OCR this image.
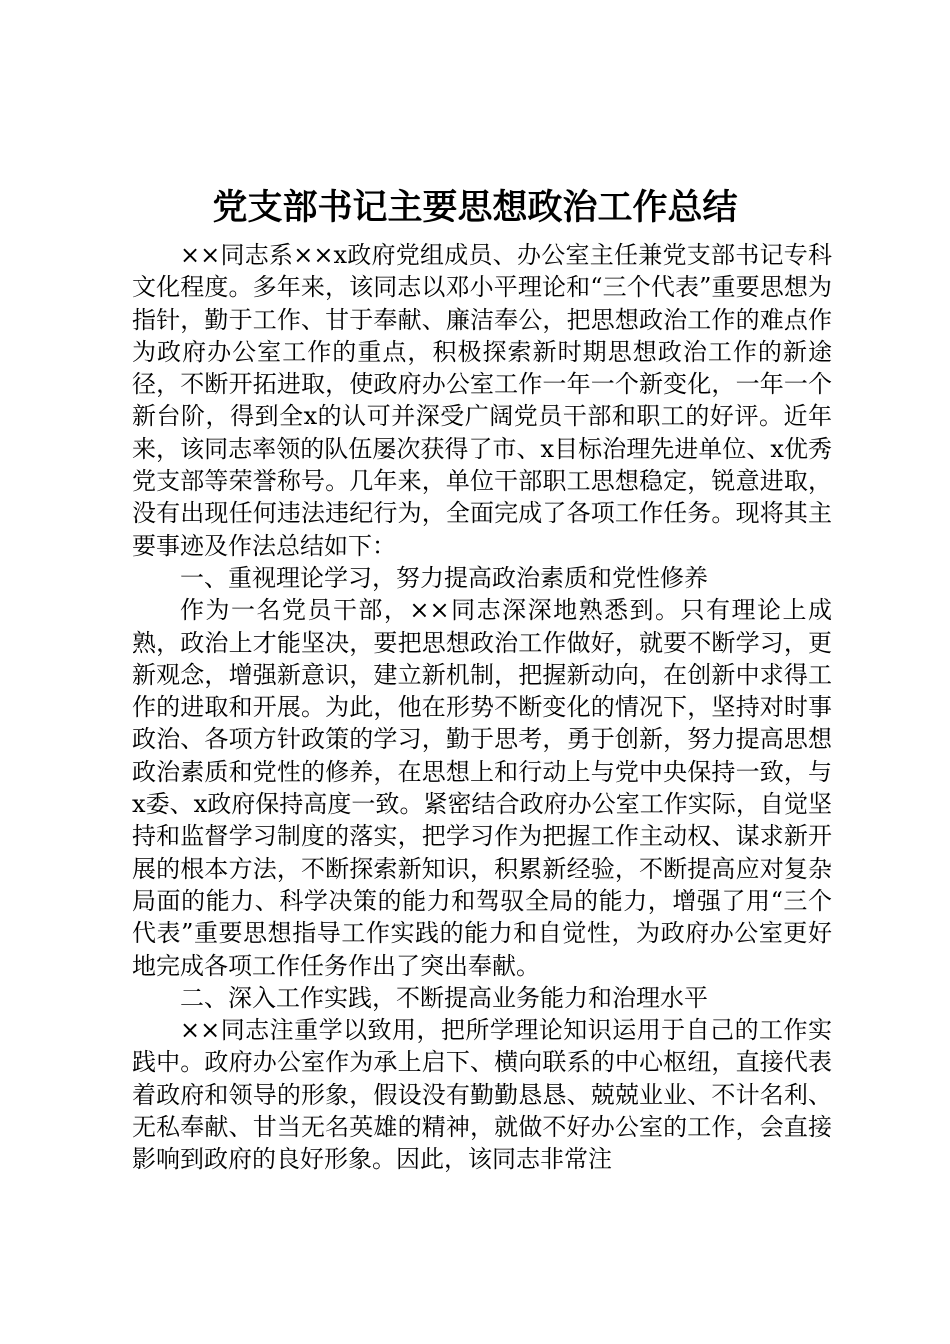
党支部书记主要思想政治工作总结

××同志系××x政府党组成员、办公室主任兼党支部书记专科文化程度。多年来，该同志以邓小平理论和“三个代表”重要思想为指针，勤于工作、甘于奉献、廉洁奉公，把思想政治工作的难点作为政府办公室工作的重点，积极探索新时期思想政治工作的新途径，不断开拓进取，使政府办公室工作一年一个新变化，一年一个新台阶，得到全x的认可并深受广阔党员干部和职工的好评。近年来，该同志率领的队伍屡次获得了市、x目标治理先进单位、x优秀党支部等荣誉称号。几年来，单位干部职工思想稳定，锐意进取，没有出现任何违法违纪行为，全面完成了各项工作任务。现将其主要事迹及作法总结如下：

一、重视理论学习，努力提高政治素质和党性修养

作为一名党员干部，××同志深深地熟悉到。只有理论上成熟，政治上才能坚决，要把思想政治工作做好，就要不断学习，更新观念，增强新意识，建立新机制，把握新动向，在创新中求得工作的进取和开展。为此，他在形势不断变化的情况下，坚持对时事政治、各项方针政策的学习，勤于思考，勇于创新，努力提高思想政治素质和党性的修养，在思想上和行动上与党中央保持一致，与x委、x政府保持高度一致。紧密结合政府办公室工作实际，自觉坚持和监督学习制度的落实，把学习作为把握工作主动权、谋求新开展的根本方法，不断探索新知识，积累新经验，不断提高应对复杂局面的能力、科学决策的能力和驾驭全局的能力，增强了用“三个代表”重要思想指导工作实践的能力和自觉性，为政府办公室更好地完成各项工作任务作出了突出奉献。

二、深入工作实践，不断提高业务能力和治理水平

××同志注重学以致用，把所学理论知识运用于自己的工作实践中。政府办公室作为承上启下、横向联系的中心枢纽，直接代表着政府和领导的形象，假设没有勤勤恳恳、兢兢业业、不计名利、无私奉献、甘当无名英雄的精神，就做不好办公室的工作，会直接影响到政府的良好形象。因此，该同志非常注
